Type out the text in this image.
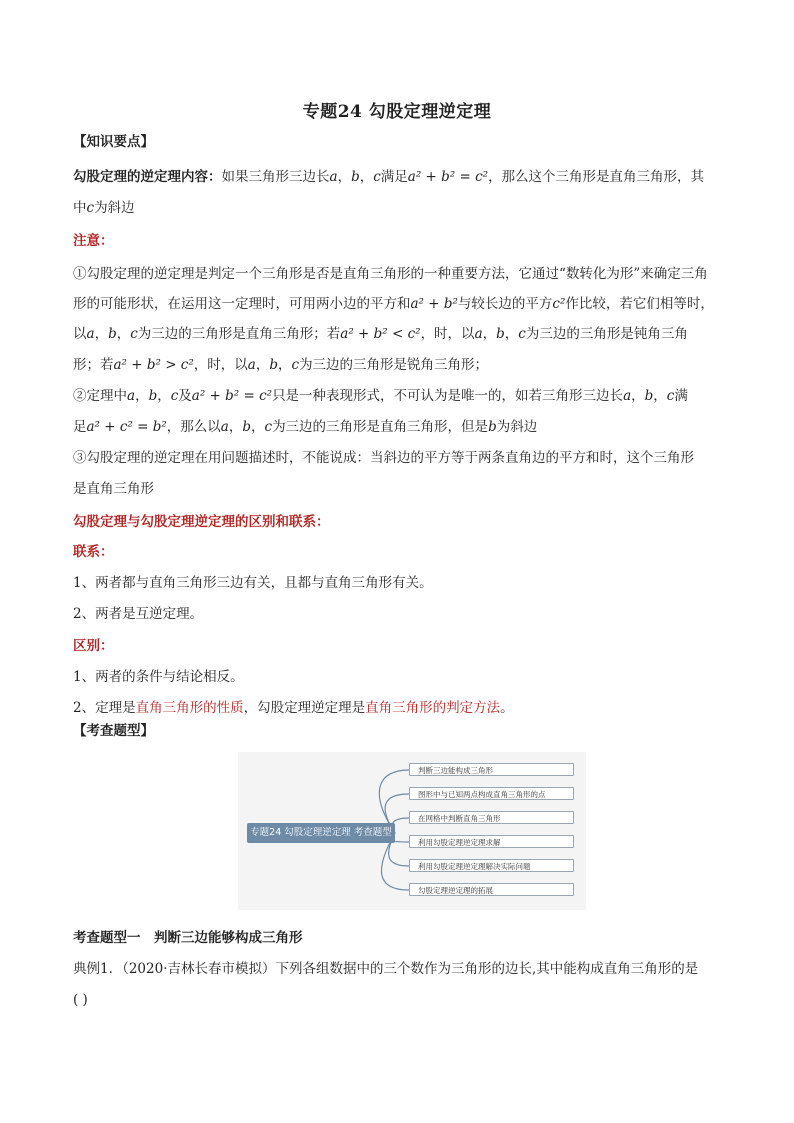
专题24 勾股定理逆定理
【知识要点】
勾股定理的逆定理内容：如果三角形三边长a，b，c满足a² + b² = c²，那么这个三角形是直角三角形，其
中c为斜边
注意：
①勾股定理的逆定理是判定一个三角形是否是直角三角形的一种重要方法，它通过“数转化为形”来确定三角
形的可能形状，在运用这一定理时，可用两小边的平方和a² + b²与较长边的平方c²作比较，若它们相等时，
以a，b，c为三边的三角形是直角三角形；若a² + b² < c²，时，以a，b，c为三边的三角形是钝角三角
形；若a² + b² > c²，时，以a，b，c为三边的三角形是锐角三角形；
②定理中a，b，c及a² + b² = c²只是一种表现形式，不可认为是唯一的，如若三角形三边长a，b，c满
足a² + c² = b²，那么以a，b，c为三边的三角形是直角三角形，但是b为斜边
③勾股定理的逆定理在用问题描述时，不能说成：当斜边的平方等于两条直角边的平方和时，这个三角形
是直角三角形
勾股定理与勾股定理逆定理的区别和联系：
联系：
1、两者都与直角三角形三边有关，且都与直角三角形有关。
2、两者是互逆定理。
区别：
1、两者的条件与结论相反。
2、定理是直角三角形的性质，勾股定理逆定理是直角三角形的判定方法。
【考查题型】
专题24 勾股定理逆定理 考查题型
判断三边能构成三角形
图形中与已知两点构成直角三角形的点
在网格中判断直角三角形
利用勾股定理逆定理求解
利用勾股定理逆定理解决实际问题
勾股定理逆定理的拓展
考查题型一　判断三边能够构成三角形
典例1．（2020·吉林长春市模拟）下列各组数据中的三个数作为三角形的边长,其中能构成直角三角形的是
( )
